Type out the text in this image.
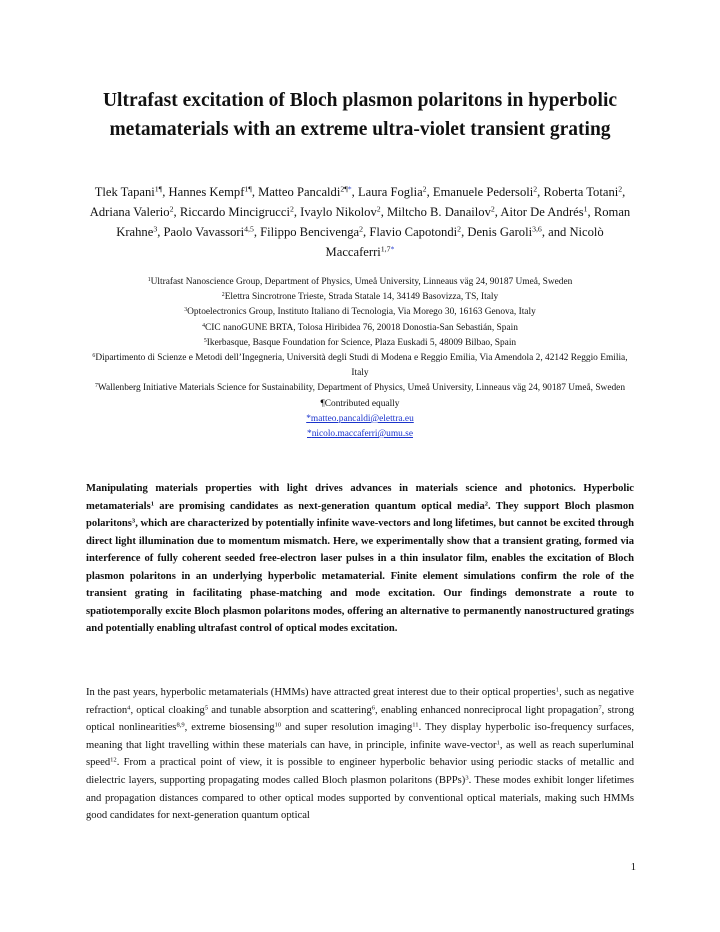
Ultrafast excitation of Bloch plasmon polaritons in hyperbolic metamaterials with an extreme ultra-violet transient grating
Tlek Tapani$^{1\P}$, Hannes Kempf$^{1\P}$, Matteo Pancaldi$^{2\P*}$, Laura Foglia$^2$, Emanuele Pedersoli$^2$, Roberta Totani$^2$, Adriana Valerio$^2$, Riccardo Mincigrucci$^2$, Ivaylo Nikolov$^2$, Miltcho B. Danailov$^2$, Aitor De Andrés$^1$, Roman Krahne$^3$, Paolo Vavassori$^{4,5}$, Filippo Bencivenga$^2$, Flavio Capotondi$^2$, Denis Garoli$^{3,6}$, and Nicolò Maccaferri$^{1,7*}$
$^1$Ultrafast Nanoscience Group, Department of Physics, Umeå University, Linneaus väg 24, 90187 Umeå, Sweden
$^2$Elettra Sincrotrone Trieste, Strada Statale 14, 34149 Basovizza, TS, Italy
$^3$Optoelectronics Group, Instituto Italiano di Tecnologia, Via Morego 30, 16163 Genova, Italy
$^4$CIC nanoGUNE BRTA, Tolosa Hiribidea 76, 20018 Donostia-San Sebastián, Spain
$^5$Ikerbasque, Basque Foundation for Science, Plaza Euskadi 5, 48009 Bilbao, Spain
$^6$Dipartimento di Scienze e Metodi dell’Ingegneria, Università degli Studi di Modena e Reggio Emilia, Via Amendola 2, 42142 Reggio Emilia, Italy
$^7$Wallenberg Initiative Materials Science for Sustainability, Department of Physics, Umeå University, Linneaus väg 24, 90187 Umeå, Sweden
¶Contributed equally
*matteo.pancaldi@elettra.eu
*nicolo.maccaferri@umu.se
Manipulating materials properties with light drives advances in materials science and photonics. Hyperbolic metamaterials$^1$ are promising candidates as next-generation quantum optical media$^2$. They support Bloch plasmon polaritons$^3$, which are characterized by potentially infinite wave-vectors and long lifetimes, but cannot be excited through direct light illumination due to momentum mismatch. Here, we experimentally show that a transient grating, formed via interference of fully coherent seeded free-electron laser pulses in a thin insulator film, enables the excitation of Bloch plasmon polaritons in an underlying hyperbolic metamaterial. Finite element simulations confirm the role of the transient grating in facilitating phase-matching and mode excitation. Our findings demonstrate a route to spatiotemporally excite Bloch plasmon polaritons modes, offering an alternative to permanently nanostructured gratings and potentially enabling ultrafast control of optical modes excitation.
In the past years, hyperbolic metamaterials (HMMs) have attracted great interest due to their optical properties$^1$, such as negative refraction$^4$, optical cloaking$^5$ and tunable absorption and scattering$^6$, enabling enhanced nonreciprocal light propagation$^7$, strong optical nonlinearities$^{8,9}$, extreme biosensing$^{10}$ and super resolution imaging$^{11}$. They display hyperbolic iso-frequency surfaces, meaning that light travelling within these materials can have, in principle, infinite wave-vector$^1$, as well as reach superluminal speed$^{12}$. From a practical point of view, it is possible to engineer hyperbolic behavior using periodic stacks of metallic and dielectric layers, supporting propagating modes called Bloch plasmon polaritons (BPPs)$^3$. These modes exhibit longer lifetimes and propagation distances compared to other optical modes supported by conventional optical materials, making such HMMs good candidates for next-generation quantum optical
1
